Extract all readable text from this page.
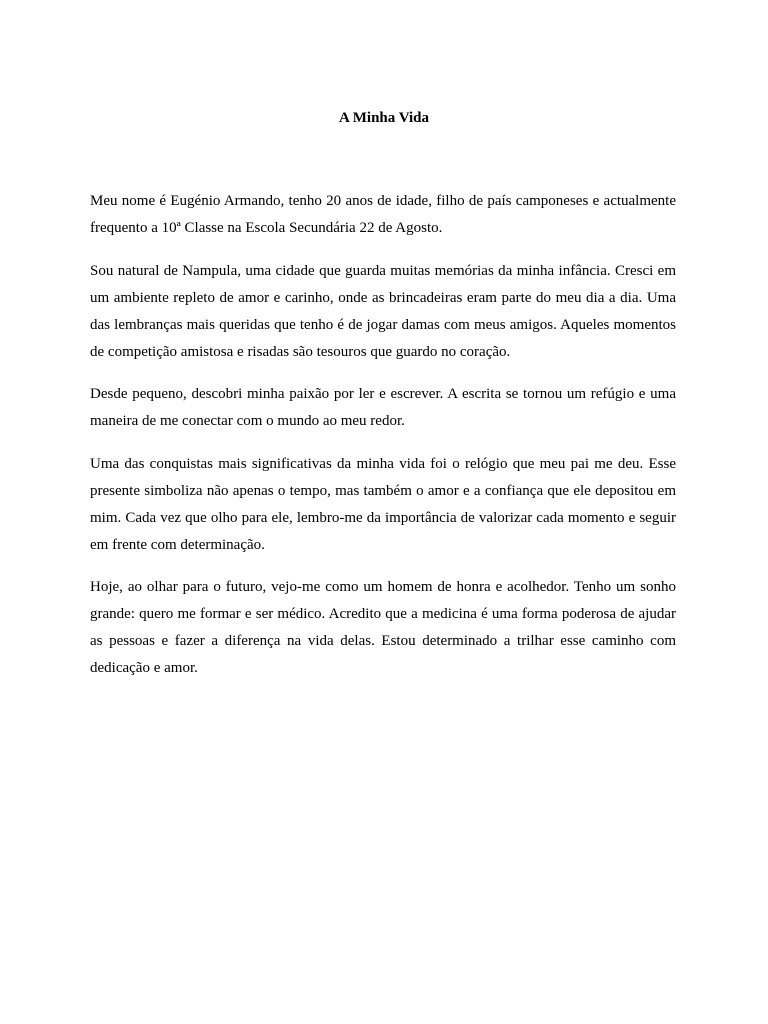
A Minha Vida

Meu nome é Eugénio Armando, tenho 20 anos de idade, filho de país camponeses e actualmente frequento a 10ª Classe na Escola Secundária 22 de Agosto.

Sou natural de Nampula, uma cidade que guarda muitas memórias da minha infância. Cresci em um ambiente repleto de amor e carinho, onde as brincadeiras eram parte do meu dia a dia. Uma das lembranças mais queridas que tenho é de jogar damas com meus amigos. Aqueles momentos de competição amistosa e risadas são tesouros que guardo no coração.

Desde pequeno, descobri minha paixão por ler e escrever. A escrita se tornou um refúgio e uma maneira de me conectar com o mundo ao meu redor.

Uma das conquistas mais significativas da minha vida foi o relógio que meu pai me deu. Esse presente simboliza não apenas o tempo, mas também o amor e a confiança que ele depositou em mim. Cada vez que olho para ele, lembro-me da importância de valorizar cada momento e seguir em frente com determinação.

Hoje, ao olhar para o futuro, vejo-me como um homem de honra e acolhedor. Tenho um sonho grande: quero me formar e ser médico. Acredito que a medicina é uma forma poderosa de ajudar as pessoas e fazer a diferença na vida delas. Estou determinado a trilhar esse caminho com dedicação e amor.
